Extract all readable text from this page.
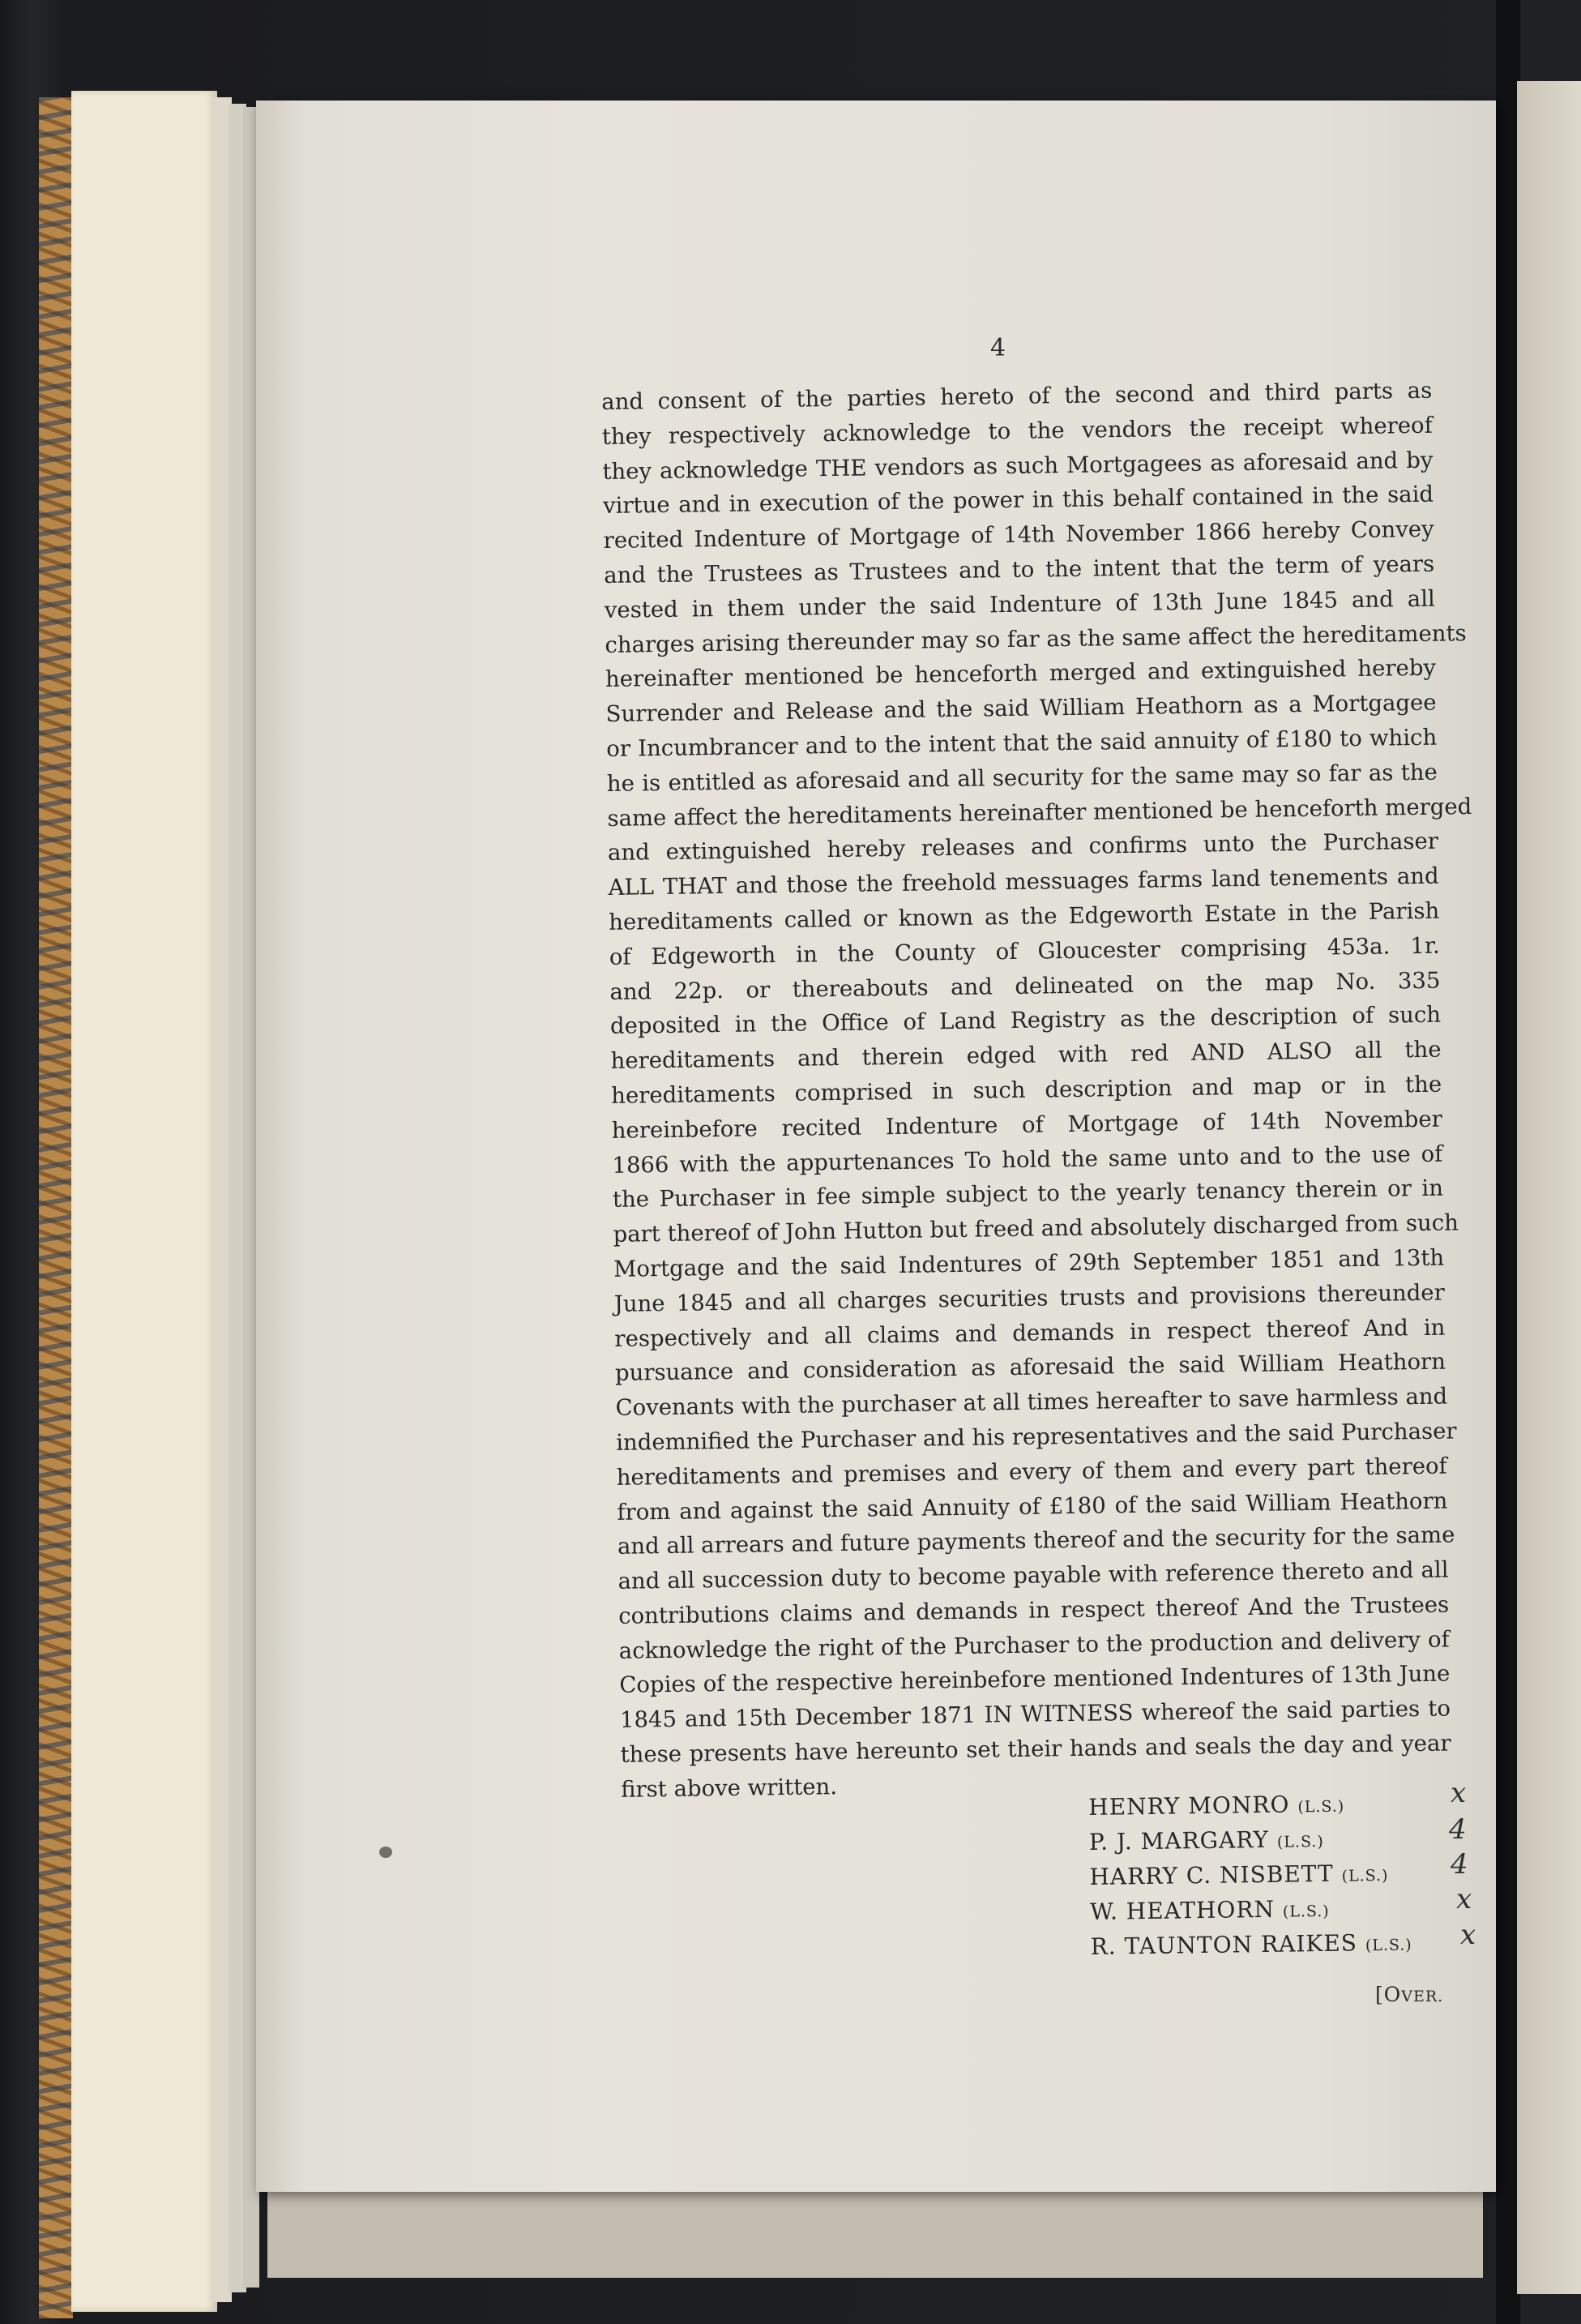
4
and consent of the parties hereto of the second and third parts as
they respectively acknowledge to the vendors the receipt whereof
they acknowledge THE vendors as such Mortgagees as aforesaid and by
virtue and in execution of the power in this behalf contained in the said
recited Indenture of Mortgage of 14th November 1866 hereby Convey
and the Trustees as Trustees and to the intent that the term of years
vested in them under the said Indenture of 13th June 1845 and all
charges arising thereunder may so far as the same affect the hereditaments
hereinafter mentioned be henceforth merged and extinguished hereby
Surrender and Release and the said William Heathorn as a Mortgagee
or Incumbrancer and to the intent that the said annuity of £180 to which
he is entitled as aforesaid and all security for the same may so far as the
same affect the hereditaments hereinafter mentioned be henceforth merged
and extinguished hereby releases and confirms unto the Purchaser
ALL THAT and those the freehold messuages farms land tenements and
hereditaments called or known as the Edgeworth Estate in the Parish
of Edgeworth in the County of Gloucester comprising 453a. 1r.
and 22p. or thereabouts and delineated on the map No. 335
deposited in the Office of Land Registry as the description of such
hereditaments and therein edged with red AND ALSO all the
hereditaments comprised in such description and map or in the
hereinbefore recited Indenture of Mortgage of 14th November
1866 with the appurtenances To hold the same unto and to the use of
the Purchaser in fee simple subject to the yearly tenancy therein or in
part thereof of John Hutton but freed and absolutely discharged from such
Mortgage and the said Indentures of 29th September 1851 and 13th
June 1845 and all charges securities trusts and provisions thereunder
respectively and all claims and demands in respect thereof And in
pursuance and consideration as aforesaid the said William Heathorn
Covenants with the purchaser at all times hereafter to save harmless and
indemnified the Purchaser and his representatives and the said Purchaser
hereditaments and premises and every of them and every part thereof
from and against the said Annuity of £180 of the said William Heathorn
and all arrears and future payments thereof and the security for the same
and all succession duty to become payable with reference thereto and all
contributions claims and demands in respect thereof And the Trustees
acknowledge the right of the Purchaser to the production and delivery of
Copies of the respective hereinbefore mentioned Indentures of 13th June
1845 and 15th December 1871 IN WITNESS whereof the said parties to
these presents have hereunto set their hands and seals the day and year
first above written.
HENRY MONRO (L.S.)
P. J. MARGARY (L.S.)
HARRY C. NISBETT (L.S.)
W. HEATHORN (L.S.)
R. TAUNTON RAIKES (L.S.)
x
4
4
x
x
[OVER.
